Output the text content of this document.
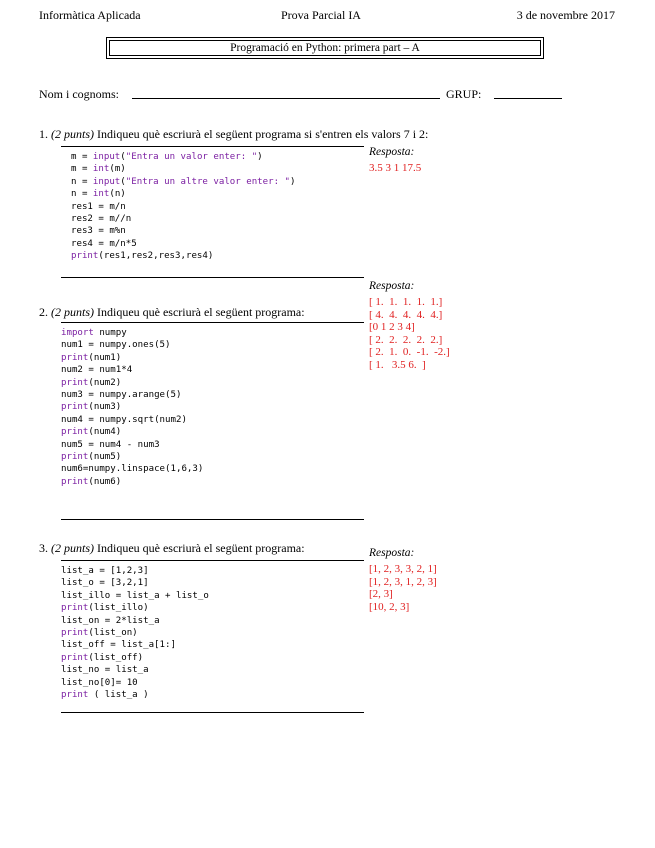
Informàtica Aplicada	Prova Parcial IA	3 de novembre 2017
Programació en Python: primera part – A
Nom i cognoms:	GRUP:
1. (2 punts) Indiqueu què escriurà el següent programa si s'entren els valors 7 i 2:
m = input("Entra un valor enter: ")
m = int(m)
n = input("Entra un altre valor enter: ")
n = int(n)
res1 = m/n
res2 = m//n
res3 = m%n
res4 = m/n*5
print(res1,res2,res3,res4)
Resposta:
3.5 3 1 17.5
Resposta:
[ 1.  1.  1.  1.  1.]
[ 4.  4.  4.  4.  4.]
[0 1 2 3 4]
[ 2.  2.  2.  2.  2.]
[ 2.  1.  0.  -1.  -2.]
[ 1.   3.5 6.  ]
2. (2 punts) Indiqueu què escriurà el següent programa:
import numpy
num1 = numpy.ones(5)
print(num1)
num2 = num1*4
print(num2)
num3 = numpy.arange(5)
print(num3)
num4 = numpy.sqrt(num2)
print(num4)
num5 = num4 - num3
print(num5)
num6=numpy.linspace(1,6,3)
print(num6)
3. (2 punts) Indiqueu què escriurà el següent programa:
list_a = [1,2,3]
list_o = [3,2,1]
list_illo = list_a + list_o
print(list_illo)
list_on = 2*list_a
print(list_on)
list_off = list_a[1:]
print(list_off)
list_no = list_a
list_no[0]= 10
print ( list_a )
Resposta:
[1, 2, 3, 3, 2, 1]
[1, 2, 3, 1, 2, 3]
[2, 3]
[10, 2, 3]
